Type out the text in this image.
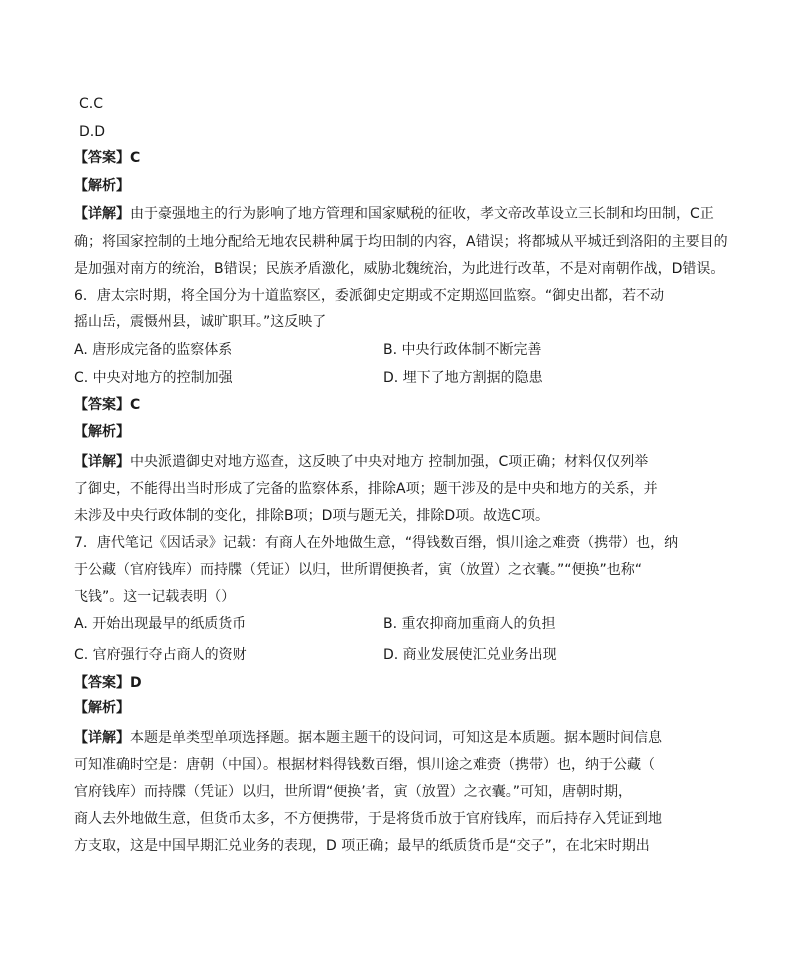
C.C
D.D
【答案】C
【解析】
【详解】由于豪强地主的行为影响了地方管理和国家赋税的征收，孝文帝改革设立三长制和均田制，C正
确；将国家控制的土地分配给无地农民耕种属于均田制的内容，A错误；将都城从平城迁到洛阳的主要目的
是加强对南方的统治，B错误；民族矛盾激化，威胁北魏统治，为此进行改革，不是对南朝作战，D错误。
6．唐太宗时期，将全国分为十道监察区，委派御史定期或不定期巡回监察。“御史出都，若不动
摇山岳，震慑州县，诚旷职耳。”这反映了
A. 唐形成完备的监察体系	B. 中央行政体制不断完善
C. 中央对地方的控制加强	D. 埋下了地方割据的隐患
【答案】C
【解析】
【详解】中央派遣御史对地方巡查，这反映了中央对地方 控制加强，C项正确；材料仅仅列举
了御史，不能得出当时形成了完备的监察体系，排除A项；题干涉及的是中央和地方的关系，并
未涉及中央行政体制的变化，排除B项；D项与题无关，排除D项。故选C项。
7．唐代笔记《因话录》记载：有商人在外地做生意，“得钱数百缗，惧川途之难赍（携带）也，纳
于公藏（官府钱库）而持牒（凭证）以归，世所谓便换者，寅（放置）之衣囊。”“便换”也称“
飞钱”。这一记载表明（）
A. 开始出现最早的纸质货币	B. 重农抑商加重商人的负担
C. 官府强行夺占商人的资财	D. 商业发展使汇兑业务出现
【答案】D
【解析】
【详解】本题是单类型单项选择题。据本题主题干的设问词，可知这是本质题。据本题时间信息
可知准确时空是：唐朝（中国）。根据材料得钱数百缗，惧川途之难赍（携带）也，纳于公藏（
官府钱库）而持牒（凭证）以归，世所谓“便换’者，寅（放置）之衣囊。”可知，唐朝时期，
商人去外地做生意，但货币太多，不方便携带，于是将货币放于官府钱库，而后持存入凭证到地
方支取，这是中国早期汇兑业务的表现，D 项正确；最早的纸质货币是“交子”，在北宋时期出
